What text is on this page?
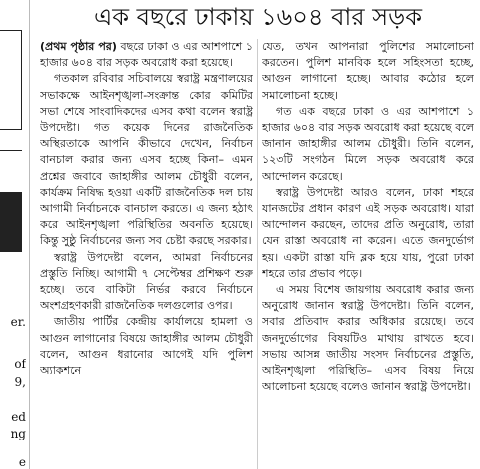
er.
of
9,
ed
ng
e
এক বছরে ঢাকায় ১৬০৪ বার সড়ক

(প্রথম পৃষ্ঠার পর) বছরে ঢাকা ও এর আশপাশে ১ হাজার ৬০৪ বার সড়ক অবরোধ করা হয়েছে।

গতকাল রবিবার সচিবালয়ে স্বরাষ্ট্র মন্ত্রণালয়ের সভাকক্ষে আইনশৃঙ্খলা-সংক্রান্ত কোর কমিটির সভা শেষে সাংবাদিকদের এসব কথা বলেন স্বরাষ্ট্র উপদেষ্টা। গত কয়েক দিনের রাজনৈতিক অস্থিরতাকে আপনি কীভাবে দেখেন, নির্বাচন বানচাল করার জন্য এসব হচ্ছে কিনা– এমন প্রশ্নের জবাবে জাহাঙ্গীর আলম চৌধুরী বলেন, কার্যক্রম নিষিদ্ধ হওয়া একটি রাজনৈতিক দল চায় আগামী নির্বাচনকে বানচাল করতে। এ জন্য হঠাৎ করে আইনশৃঙ্খলা পরিস্থিতির অবনতি হয়েছে। কিন্তু সুষ্ঠু নির্বাচনের জন্য সব চেষ্টা করছে সরকার।

স্বরাষ্ট্র উপদেষ্টা বলেন, আমরা নির্বাচনের প্রস্তুতি নিচ্ছি। আগামী ৭ সেপ্টেম্বর প্রশিক্ষণ শুরু হচ্ছে। তবে বাকিটা নির্ভর করবে নির্বাচনে অংশগ্রহণকারী রাজনৈতিক দলগুলোর ওপর।

জাতীয় পার্টির কেন্দ্রীয় কার্যালয়ে হামলা ও আগুন লাগানোর বিষয়ে জাহাঙ্গীর আলম চৌধুরী বলেন, আগুন ধরানোর আগেই যদি পুলিশ অ্যাকশনে

যেত, তখন আপনারা পুলিশের সমালোচনা করতেন। পুলিশ মানবিক হলে সহিংসতা হচ্ছে, আগুন লাগানো হচ্ছে। আবার কঠোর হলে সমালোচনা হচ্ছে।

গত এক বছরে ঢাকা ও এর আশপাশে ১ হাজার ৬০৪ বার সড়ক অবরোধ করা হয়েছে বলে জানান জাহাঙ্গীর আলম চৌধুরী। তিনি বলেন, ১২৩টি সংগঠন মিলে সড়ক অবরোধ করে আন্দোলন করেছে।

স্বরাষ্ট্র উপদেষ্টা আরও বলেন, ঢাকা শহরে যানজটের প্রধান কারণ এই সড়ক অবরোধ। যারা আন্দোলন করছেন, তাদের প্রতি অনুরোধ, তারা যেন রাস্তা অবরোধ না করেন। এতে জনদুর্ভোগ হয়। একটা রাস্তা যদি ব্লক হয়ে যায়, পুরো ঢাকা শহরে তার প্রভাব পড়ে।

এ সময় বিশেষ জায়গায় অবরোধ করার জন্য অনুরোধ জানান স্বরাষ্ট্র উপদেষ্টা। তিনি বলেন, সবার প্রতিবাদ করার অধিকার রয়েছে। তবে জনদুর্ভোগের বিষয়টিও মাথায় রাখতে হবে। সভায় আসন্ন জাতীয় সংসদ নির্বাচনের প্রস্তুতি, আইনশৃঙ্খলা পরিস্থিতি– এসব বিষয় নিয়ে আলোচনা হয়েছে বলেও জানান স্বরাষ্ট্র উপদেষ্টা।
